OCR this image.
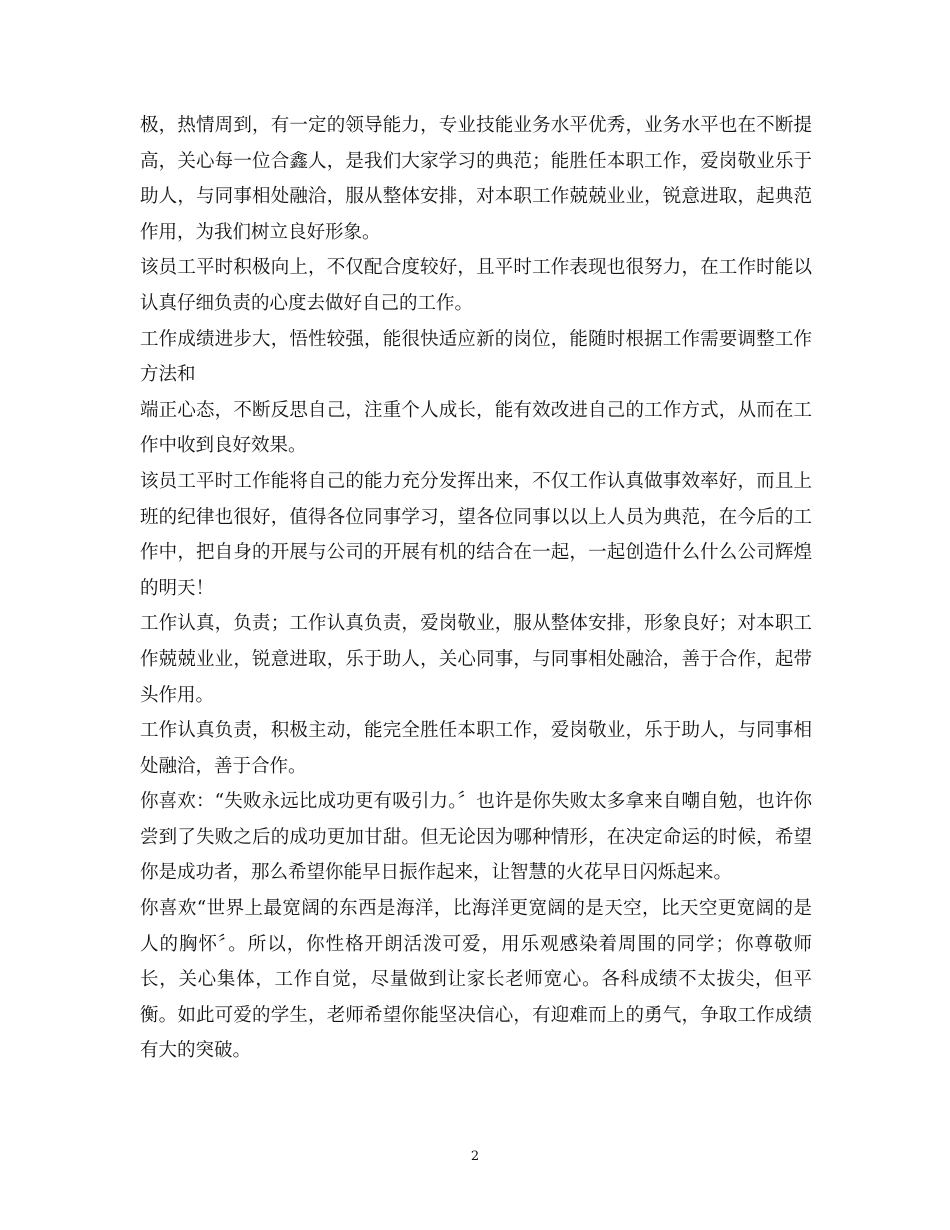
极，热情周到，有一定的领导能力，专业技能业务水平优秀，业务水平也在不断提高，关心每一位合鑫人，是我们大家学习的典范；能胜任本职工作，爱岗敬业乐于助人，与同事相处融洽，服从整体安排，对本职工作兢兢业业，锐意进取，起典范作用，为我们树立良好形象。

该员工平时积极向上，不仅配合度较好，且平时工作表现也很努力，在工作时能以认真仔细负责的心度去做好自己的工作。

工作成绩进步大，悟性较强，能很快适应新的岗位，能随时根据工作需要调整工作方法和

端正心态，不断反思自己，注重个人成长，能有效改进自己的工作方式，从而在工作中收到良好效果。

该员工平时工作能将自己的能力充分发挥出来，不仅工作认真做事效率好，而且上班的纪律也很好，值得各位同事学习，望各位同事以以上人员为典范，在今后的工作中，把自身的开展与公司的开展有机的结合在一起，一起创造什么什么公司辉煌的明天！

工作认真，负责；工作认真负责，爱岗敬业，服从整体安排，形象良好；对本职工作兢兢业业，锐意进取，乐于助人，关心同事，与同事相处融洽，善于合作，起带头作用。

工作认真负责，积极主动，能完全胜任本职工作，爱岗敬业，乐于助人，与同事相处融洽，善于合作。

你喜欢：“失败永远比成功更有吸引力。〞也许是你失败太多拿来自嘲自勉，也许你尝到了失败之后的成功更加甘甜。但无论因为哪种情形，在决定命运的时候，希望你是成功者，那么希望你能早日振作起来，让智慧的火花早日闪烁起来。

你喜欢“世界上最宽阔的东西是海洋，比海洋更宽阔的是天空，比天空更宽阔的是人的胸怀〞。所以，你性格开朗活泼可爱，用乐观感染着周围的同学；你尊敬师长，关心集体，工作自觉，尽量做到让家长老师宽心。各科成绩不太拔尖，但平衡。如此可爱的学生，老师希望你能坚决信心，有迎难而上的勇气，争取工作成绩有大的突破。

2
